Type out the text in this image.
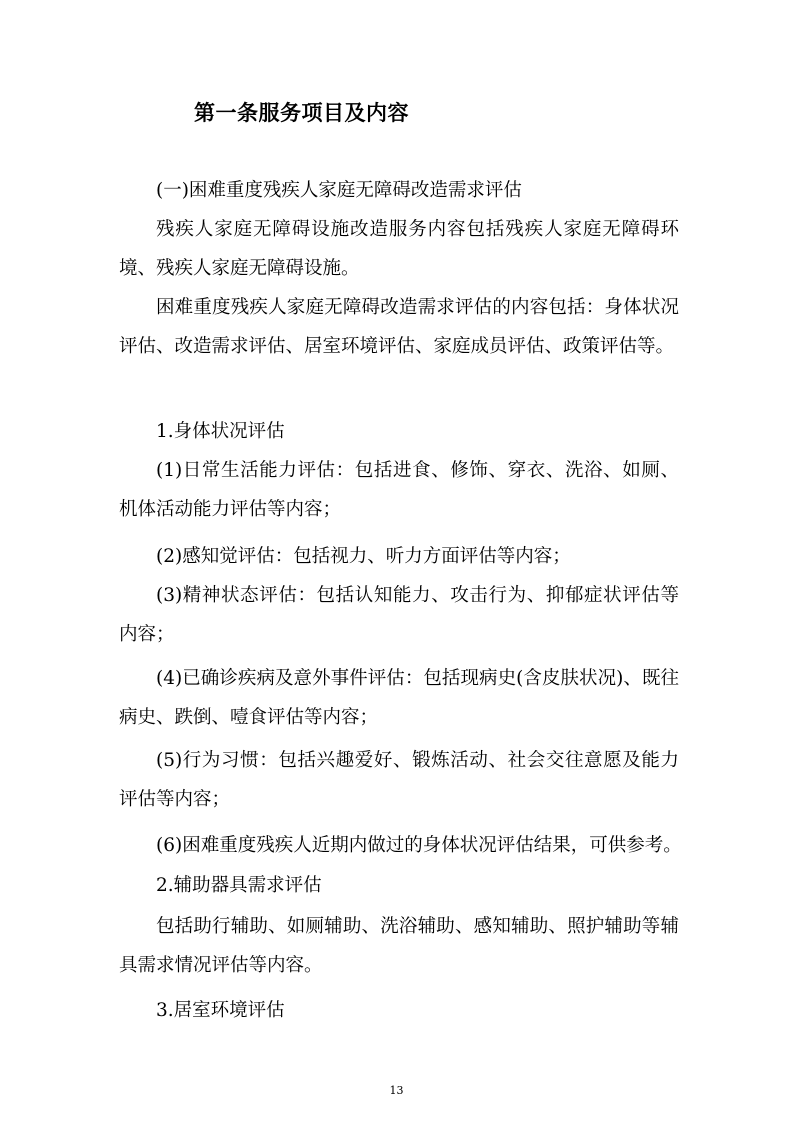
第一条服务项目及内容

(一)困难重度残疾人家庭无障碍改造需求评估

残疾人家庭无障碍设施改造服务内容包括残疾人家庭无障碍环境、残疾人家庭无障碍设施。

困难重度残疾人家庭无障碍改造需求评估的内容包括：身体状况评估、改造需求评估、居室环境评估、家庭成员评估、政策评估等。

1.身体状况评估

(1)日常生活能力评估：包括进食、修饰、穿衣、洗浴、如厕、机体活动能力评估等内容；

(2)感知觉评估：包括视力、听力方面评估等内容；

(3)精神状态评估：包括认知能力、攻击行为、抑郁症状评估等内容；

(4)已确诊疾病及意外事件评估：包括现病史(含皮肤状况)、既往病史、跌倒、噎食评估等内容；

(5)行为习惯：包括兴趣爱好、锻炼活动、社会交往意愿及能力评估等内容；

(6)困难重度残疾人近期内做过的身体状况评估结果，可供参考。

2.辅助器具需求评估

包括助行辅助、如厕辅助、洗浴辅助、感知辅助、照护辅助等辅具需求情况评估等内容。

3.居室环境评估

13
